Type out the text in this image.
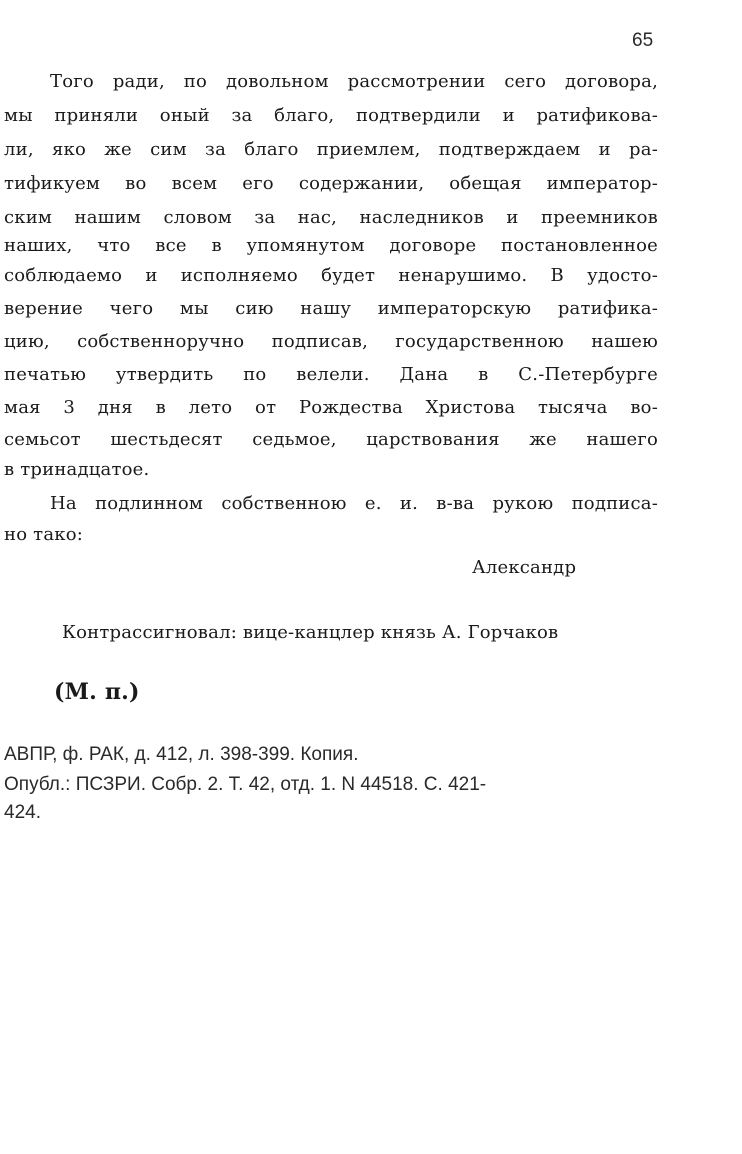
65
Того ради, по довольном рассмотрении сего договора,
мы приняли оный за благо, подтвердили и ратификова-
ли, яко же сим за благо приемлем, подтверждаем и ра-
тификуем во всем его содержании, обещая император-
ским нашим словом за нас, наследников и преемников
наших, что все в упомянутом договоре постановленное
соблюдаемо и исполняемо будет ненарушимо. В удосто-
верение чего мы сию нашу императорскую ратифика-
цию, собственноручно подписав, государственною нашею
печатью утвердить по велели. Дана в С.-Петербурге
мая 3 дня в лето от Рождества Христова тысяча во-
семьсот шестьдесят седьмое, царствования же нашего
в тринадцатое.
На подлинном собственною е. и. в-ва рукою подписа-
но тако:
Александр
Контрассигновал: вице-канцлер князь А. Горчаков
(М. п.)
АВПР, ф. РАК, д. 412, л. 398-399. Копия.
Опубл.: ПСЗРИ. Собр. 2. Т. 42, отд. 1. N 44518. С. 421-
424.
